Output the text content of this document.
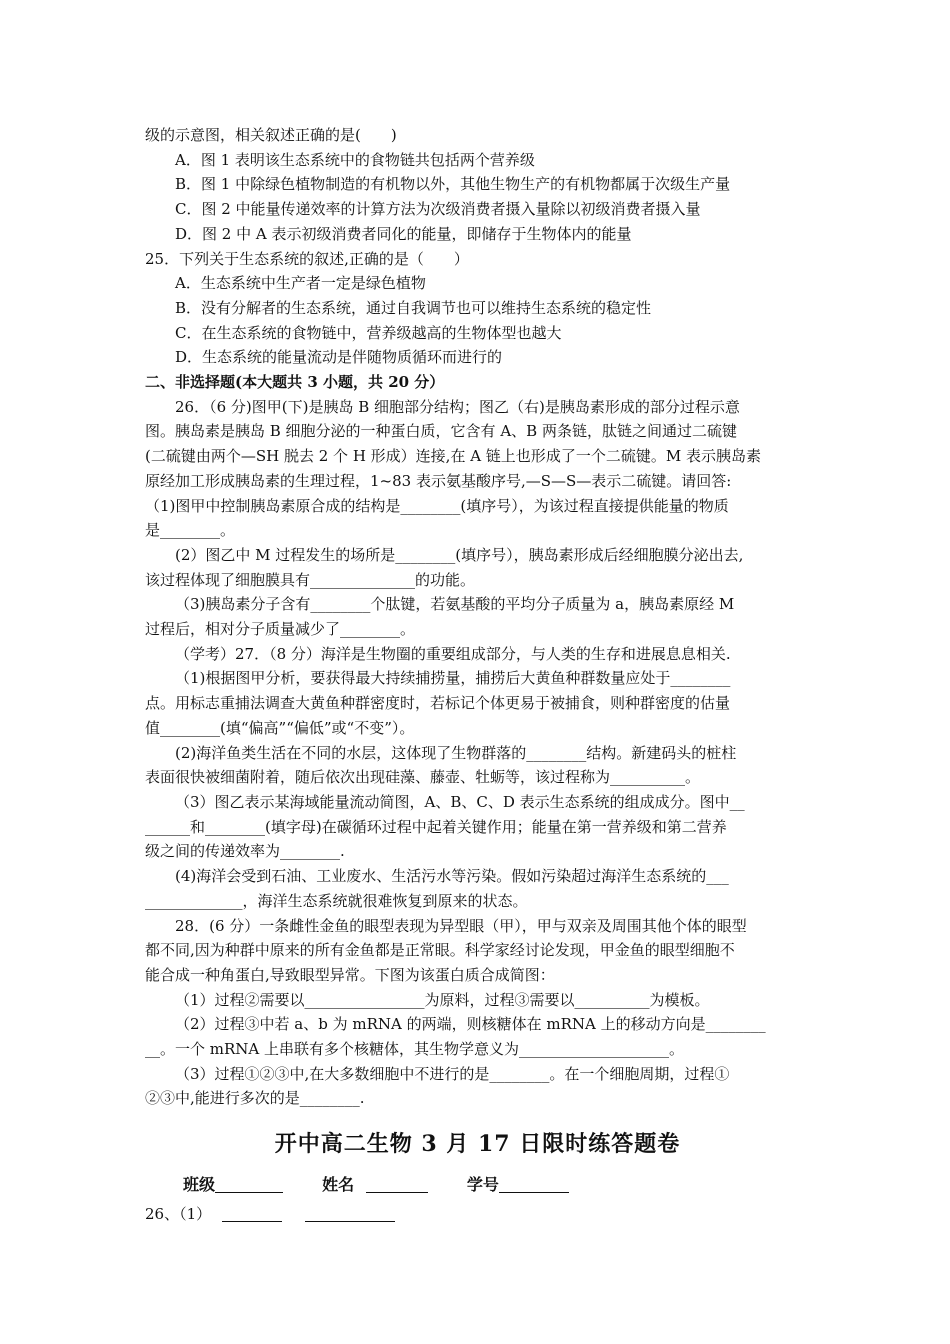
级的示意图，相关叙述正确的是(　　)
A．图 1 表明该生态系统中的食物链共包括两个营养级
B．图 1 中除绿色植物制造的有机物以外，其他生物生产的有机物都属于次级生产量
C．图 2 中能量传递效率的计算方法为次级消费者摄入量除以初级消费者摄入量
D．图 2 中 A 表示初级消费者同化的能量，即储存于生物体内的能量
25．下列关于生态系统的叙述,正确的是（　　）
A．生态系统中生产者一定是绿色植物
B．没有分解者的生态系统，通过自我调节也可以维持生态系统的稳定性
C．在生态系统的食物链中，营养级越高的生物体型也越大
D．生态系统的能量流动是伴随物质循环而进行的
二、非选择题(本大题共 3 小题，共 20 分）
26．（6 分)图甲(下)是胰岛 B 细胞部分结构；图乙（右)是胰岛素形成的部分过程示意
图。胰岛素是胰岛 B 细胞分泌的一种蛋白质，它含有 A、B 两条链，肽链之间通过二硫键
(二硫键由两个—SH 脱去 2 个 H 形成）连接,在 A 链上也形成了一个二硫键。M 表示胰岛素
原经加工形成胰岛素的生理过程，1~83 表示氨基酸序号,—S—S—表示二硫键。请回答:
（1)图甲中控制胰岛素原合成的结构是________(填序号），为该过程直接提供能量的物质
是________。
(2）图乙中 M 过程发生的场所是________(填序号），胰岛素形成后经细胞膜分泌出去,
该过程体现了细胞膜具有______________的功能。
（3)胰岛素分子含有________个肽键，若氨基酸的平均分子质量为 a，胰岛素原经 M
过程后，相对分子质量减少了________。
（学考）27．（8 分）海洋是生物圈的重要组成部分，与人类的生存和进展息息相关.
（1)根据图甲分析，要获得最大持续捕捞量，捕捞后大黄鱼种群数量应处于________
点。用标志重捕法调查大黄鱼种群密度时，若标记个体更易于被捕食，则种群密度的估量
值________(填“偏高”“偏低”或“不变”）。
(2)海洋鱼类生活在不同的水层，这体现了生物群落的________结构。新建码头的桩柱
表面很快被细菌附着，随后依次出现硅藻、藤壶、牡蛎等，该过程称为__________。
（3）图乙表示某海域能量流动简图，A、B、C、D 表示生态系统的组成成分。图中__
______和________(填字母)在碳循环过程中起着关键作用；能量在第一营养级和第二营养
级之间的传递效率为________.
(4)海洋会受到石油、工业废水、生活污水等污染。假如污染超过海洋生态系统的___
_____________，海洋生态系统就很难恢复到原来的状态。
28．(6 分）一条雌性金鱼的眼型表现为异型眼（甲），甲与双亲及周围其他个体的眼型
都不同,因为种群中原来的所有金鱼都是正常眼。科学家经讨论发现，甲金鱼的眼型细胞不
能合成一种角蛋白,导致眼型异常。下图为该蛋白质合成简图：
（1）过程②需要以________________为原料，过程③需要以__________为模板。
（2）过程③中若 a、b 为 mRNA 的两端，则核糖体在 mRNA 上的移动方向是________
__。一个 mRNA 上串联有多个核糖体，其生物学意义为____________________。
（3）过程①②③中,在大多数细胞中不进行的是________。在一个细胞周期，过程①
②③中,能进行多次的是________.
开中高二生物 3 月 17 日限时练答题卷
班级	姓名	学号
26、（1）
